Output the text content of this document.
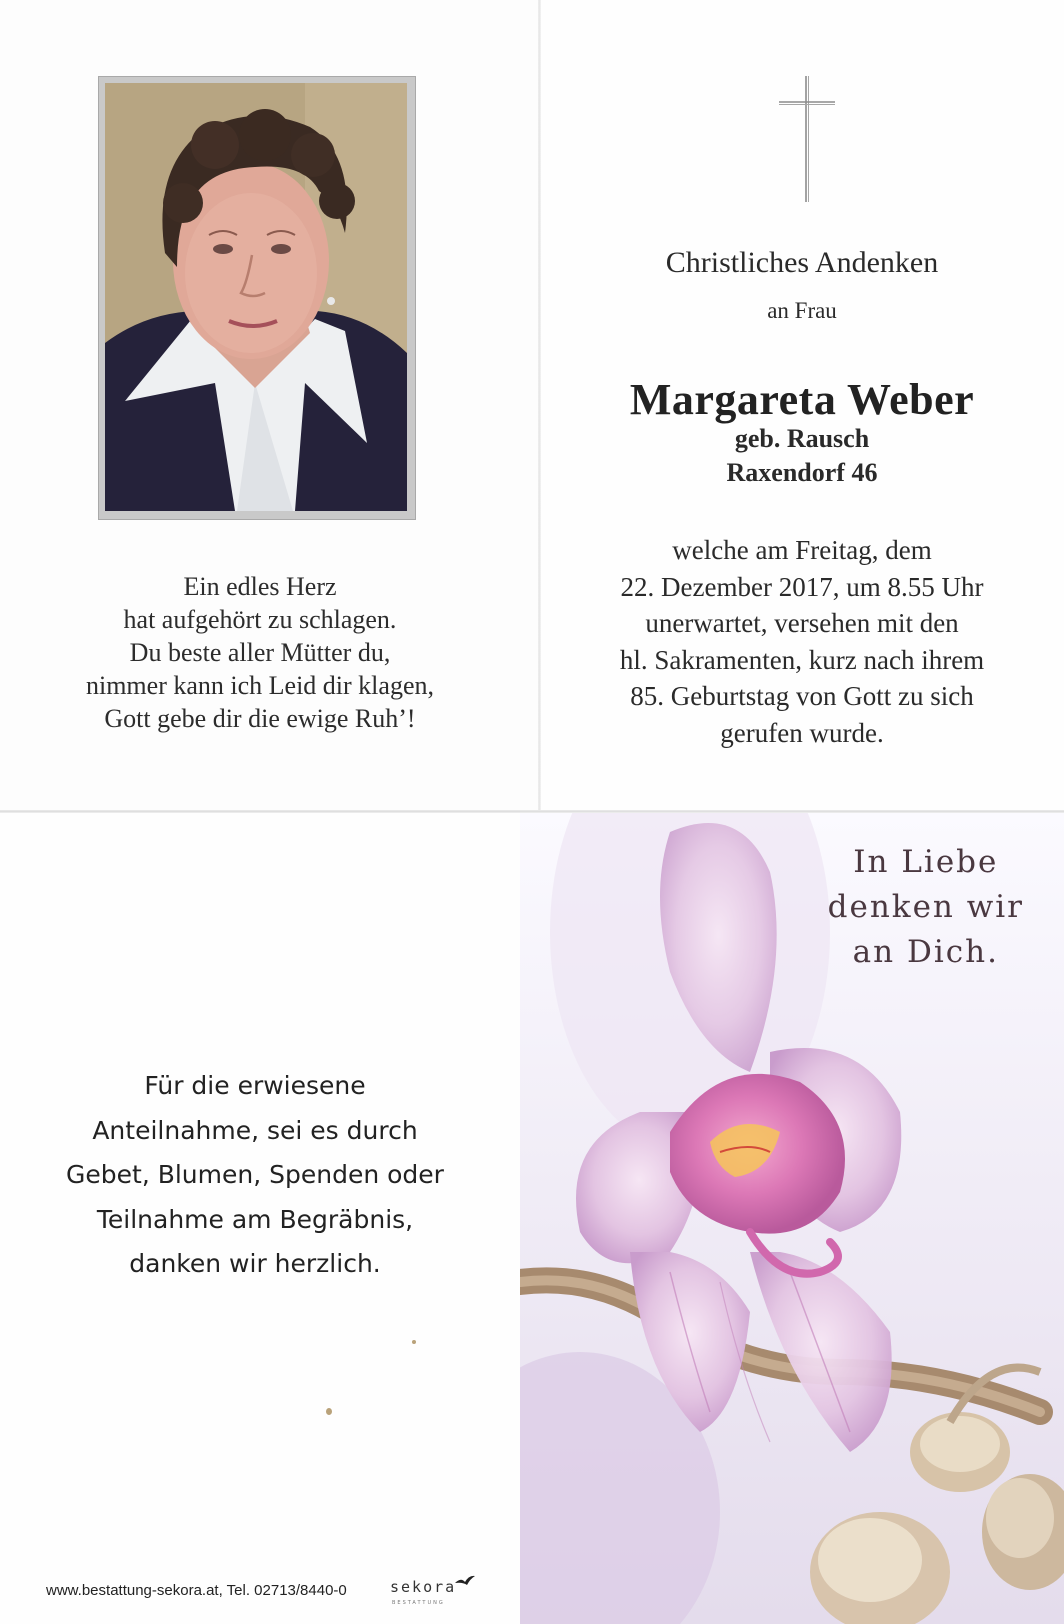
Ein edles Herz
hat aufgehört zu schlagen.
Du beste aller Mütter du,
nimmer kann ich Leid dir klagen,
Gott gebe dir die ewige Ruh’!
Christliches Andenken
an Frau
Margareta Weber
geb. Rausch
Raxendorf 46
welche am Freitag, dem
22. Dezember 2017, um 8.55 Uhr
unerwartet, versehen mit den
hl. Sakramenten, kurz nach ihrem
85. Geburtstag von Gott zu sich
gerufen wurde.
Für die erwiesene
Anteilnahme, sei es durch
Gebet, Blumen, Spenden oder
Teilnahme am Begräbnis,
danken wir herzlich.
www.bestattung-sekora.at, Tel. 02713/8440-0	sekora
BESTATTUNG
In Liebe
denken wir
an Dich.
